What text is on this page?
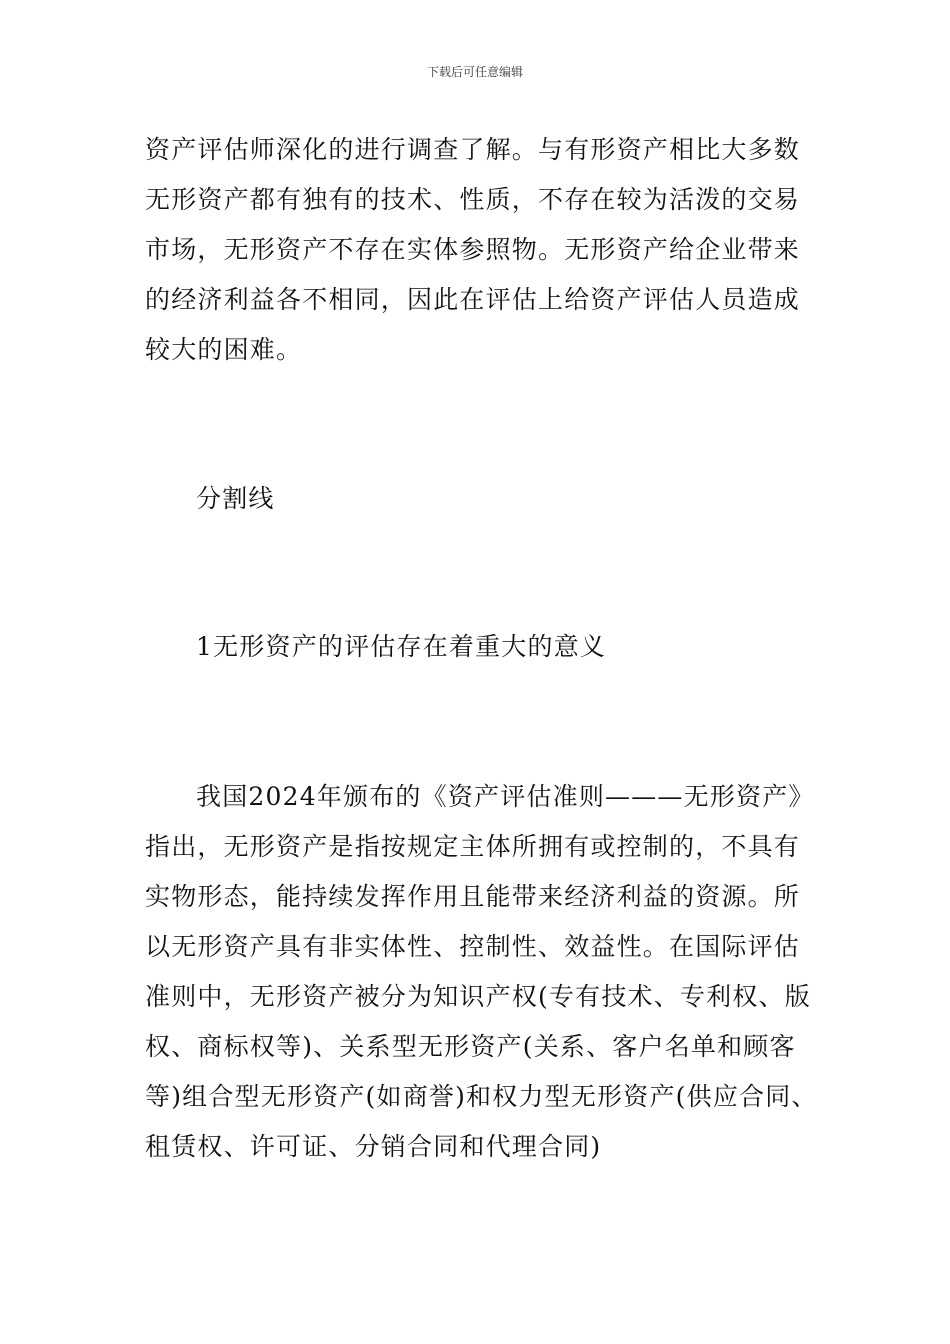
下载后可任意编辑
资产评估师深化的进行调查了解。与有形资产相比大多数
无形资产都有独有的技术、性质，不存在较为活泼的交易
市场，无形资产不存在实体参照物。无形资产给企业带来
的经济利益各不相同，因此在评估上给资产评估人员造成
较大的困难。
分割线
1无形资产的评估存在着重大的意义
我国2024年颁布的《资产评估准则———无形资产》
指出，无形资产是指按规定主体所拥有或控制的，不具有
实物形态，能持续发挥作用且能带来经济利益的资源。所
以无形资产具有非实体性、控制性、效益性。在国际评估
准则中，无形资产被分为知识产权(专有技术、专利权、版
权、商标权等)、关系型无形资产(关系、客户名单和顾客
等)组合型无形资产(如商誉)和权力型无形资产(供应合同、
租赁权、许可证、分销合同和代理合同)
